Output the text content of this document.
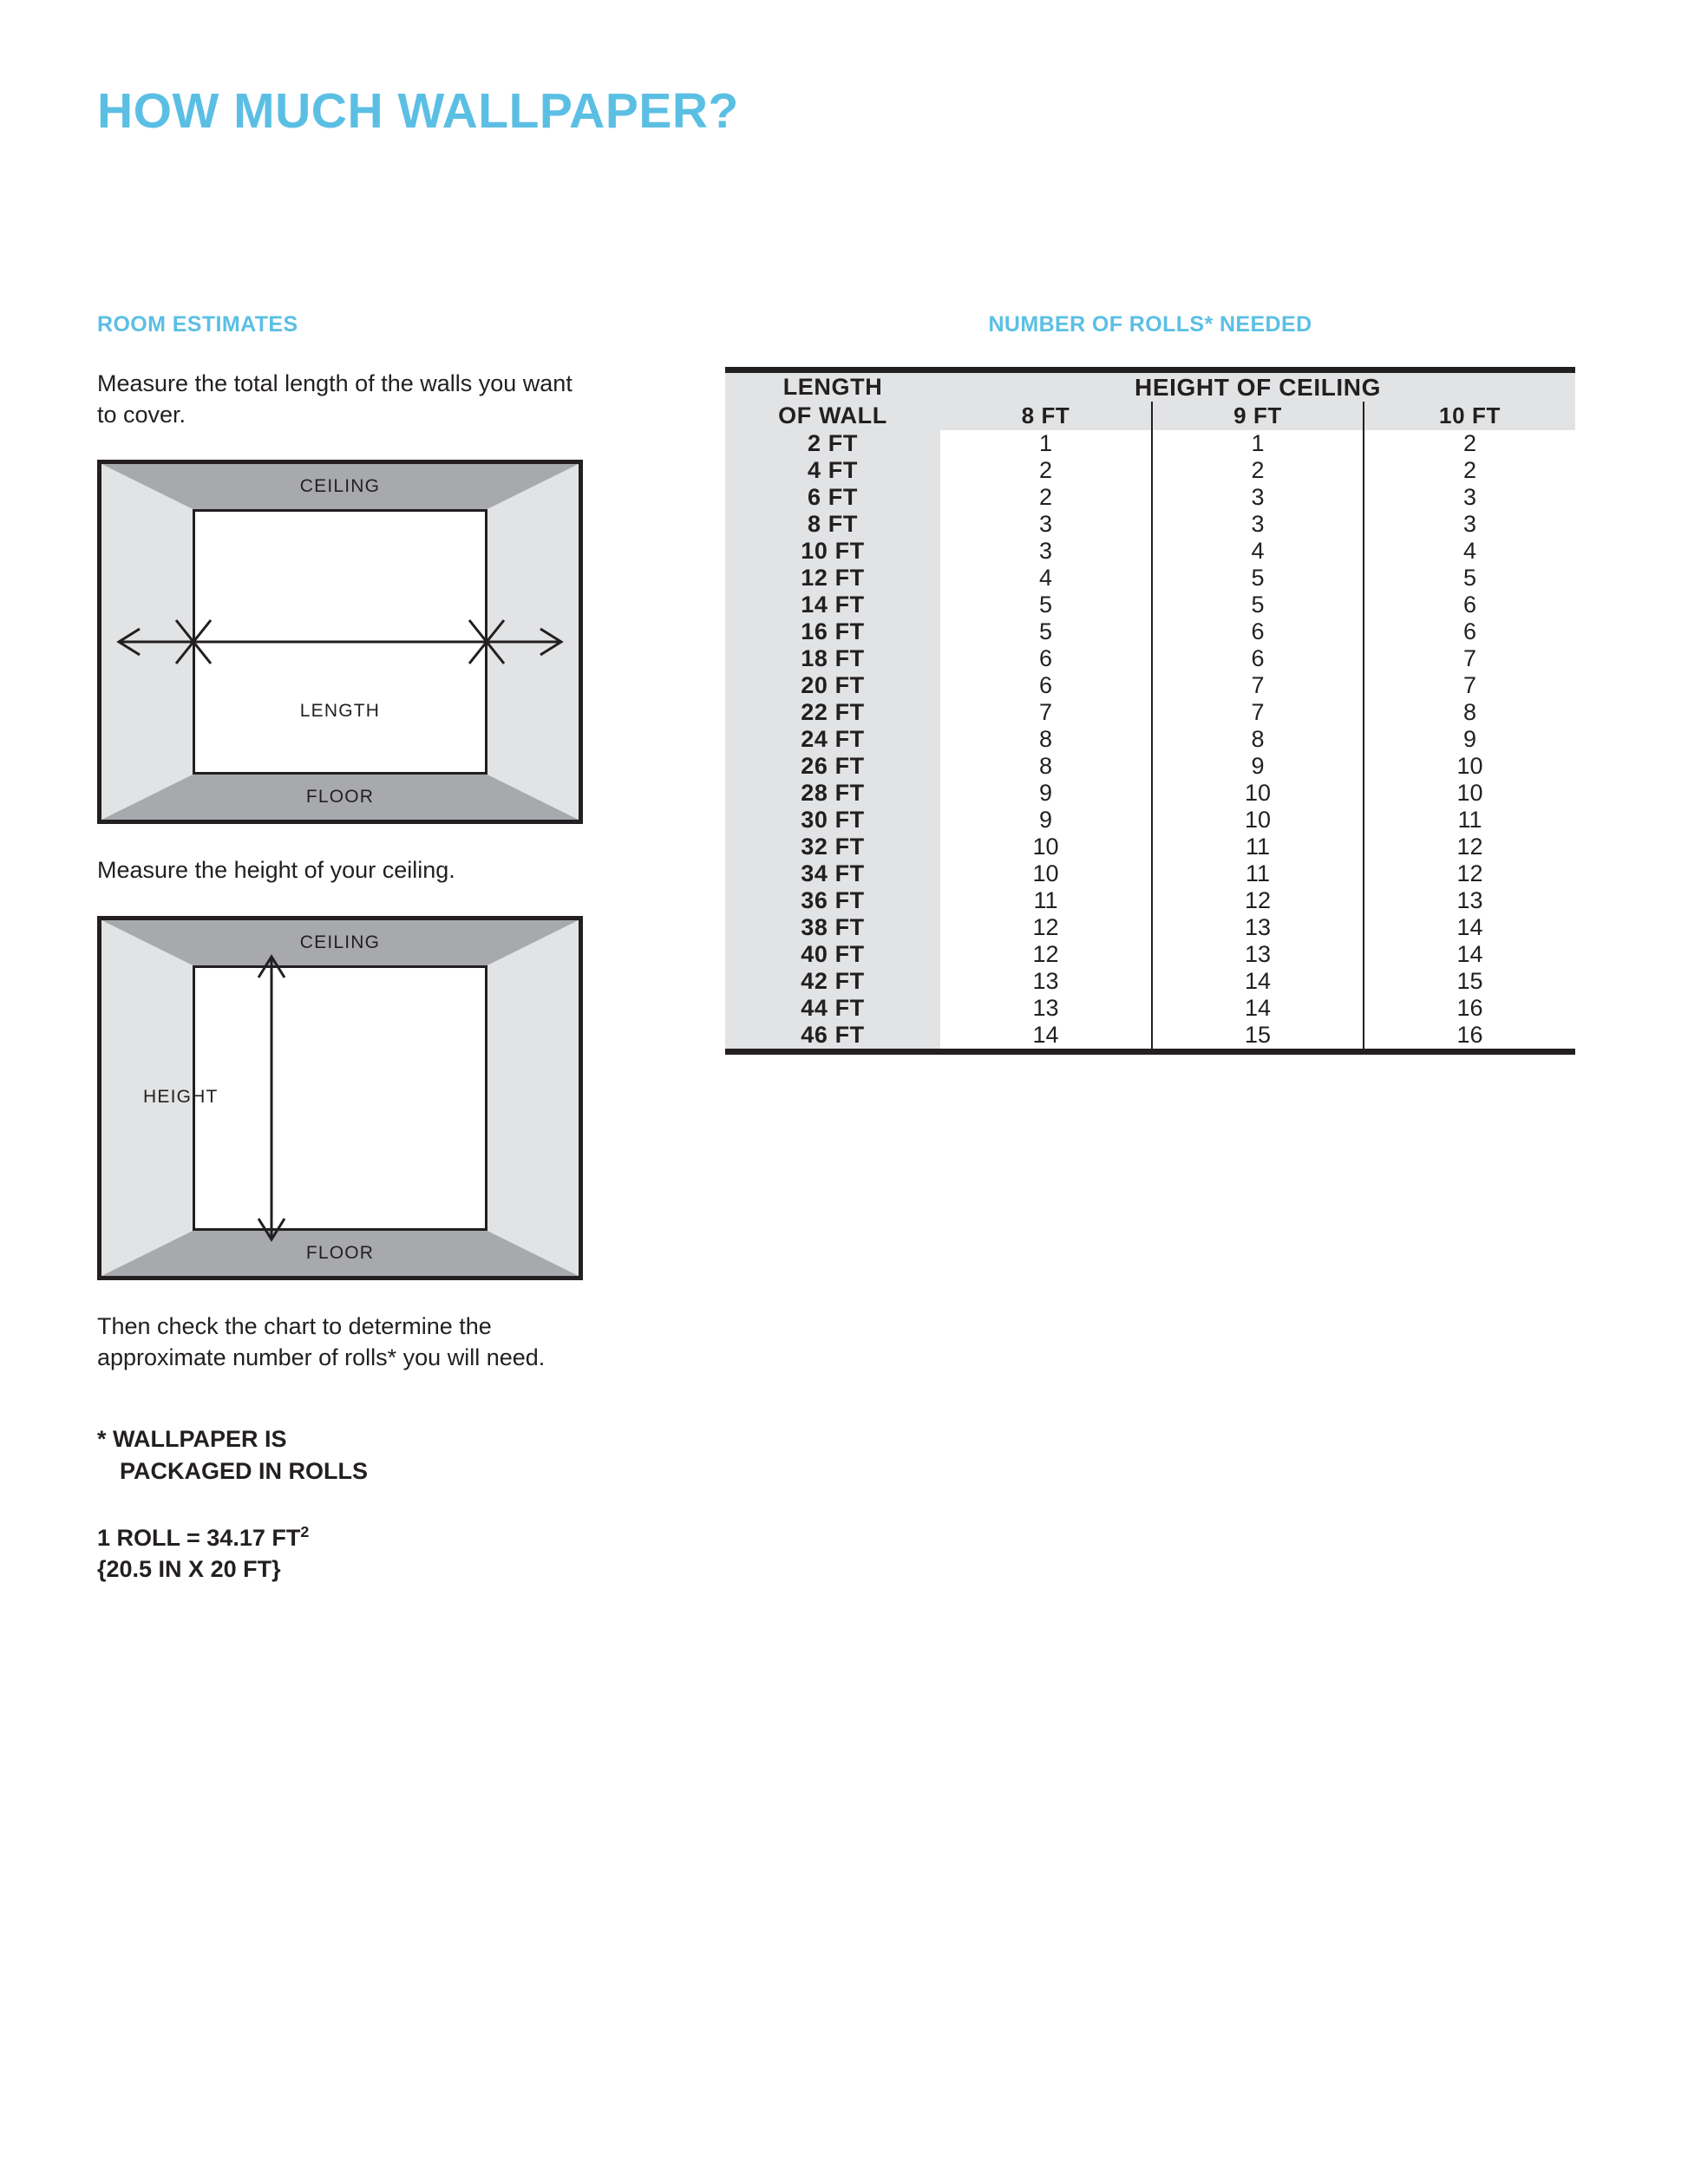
HOW MUCH WALLPAPER?
ROOM ESTIMATES
Measure the total length of the walls you want to cover.
CEILING
FLOOR
LENGTH
Measure the height of your ceiling.
CEILING
FLOOR
HEIGHT
Then check the chart to determine the approximate number of rolls* you will need.
* WALLPAPER IS
PACKAGED IN ROLLS
1 ROLL = 34.17 $FT^2$
{20.5 IN X 20 FT}
NUMBER OF ROLLS* NEEDED
LENGTH
OF WALL	HEIGHT OF CEILING		
	8 FT	9 FT	10 FT
2 FT	1	1	2
4 FT	2	2	2
6 FT	2	3	3
8 FT	3	3	3
10 FT	3	4	4
12 FT	4	5	5
14 FT	5	5	6
16 FT	5	6	6
18 FT	6	6	7
20 FT	6	7	7
22 FT	7	7	8
24 FT	8	8	9
26 FT	8	9	10
28 FT	9	10	10
30 FT	9	10	11
32 FT	10	11	12
34 FT	10	11	12
36 FT	11	12	13
38 FT	12	13	14
40 FT	12	13	14
42 FT	13	14	15
44 FT	13	14	16
46 FT	14	15	16
